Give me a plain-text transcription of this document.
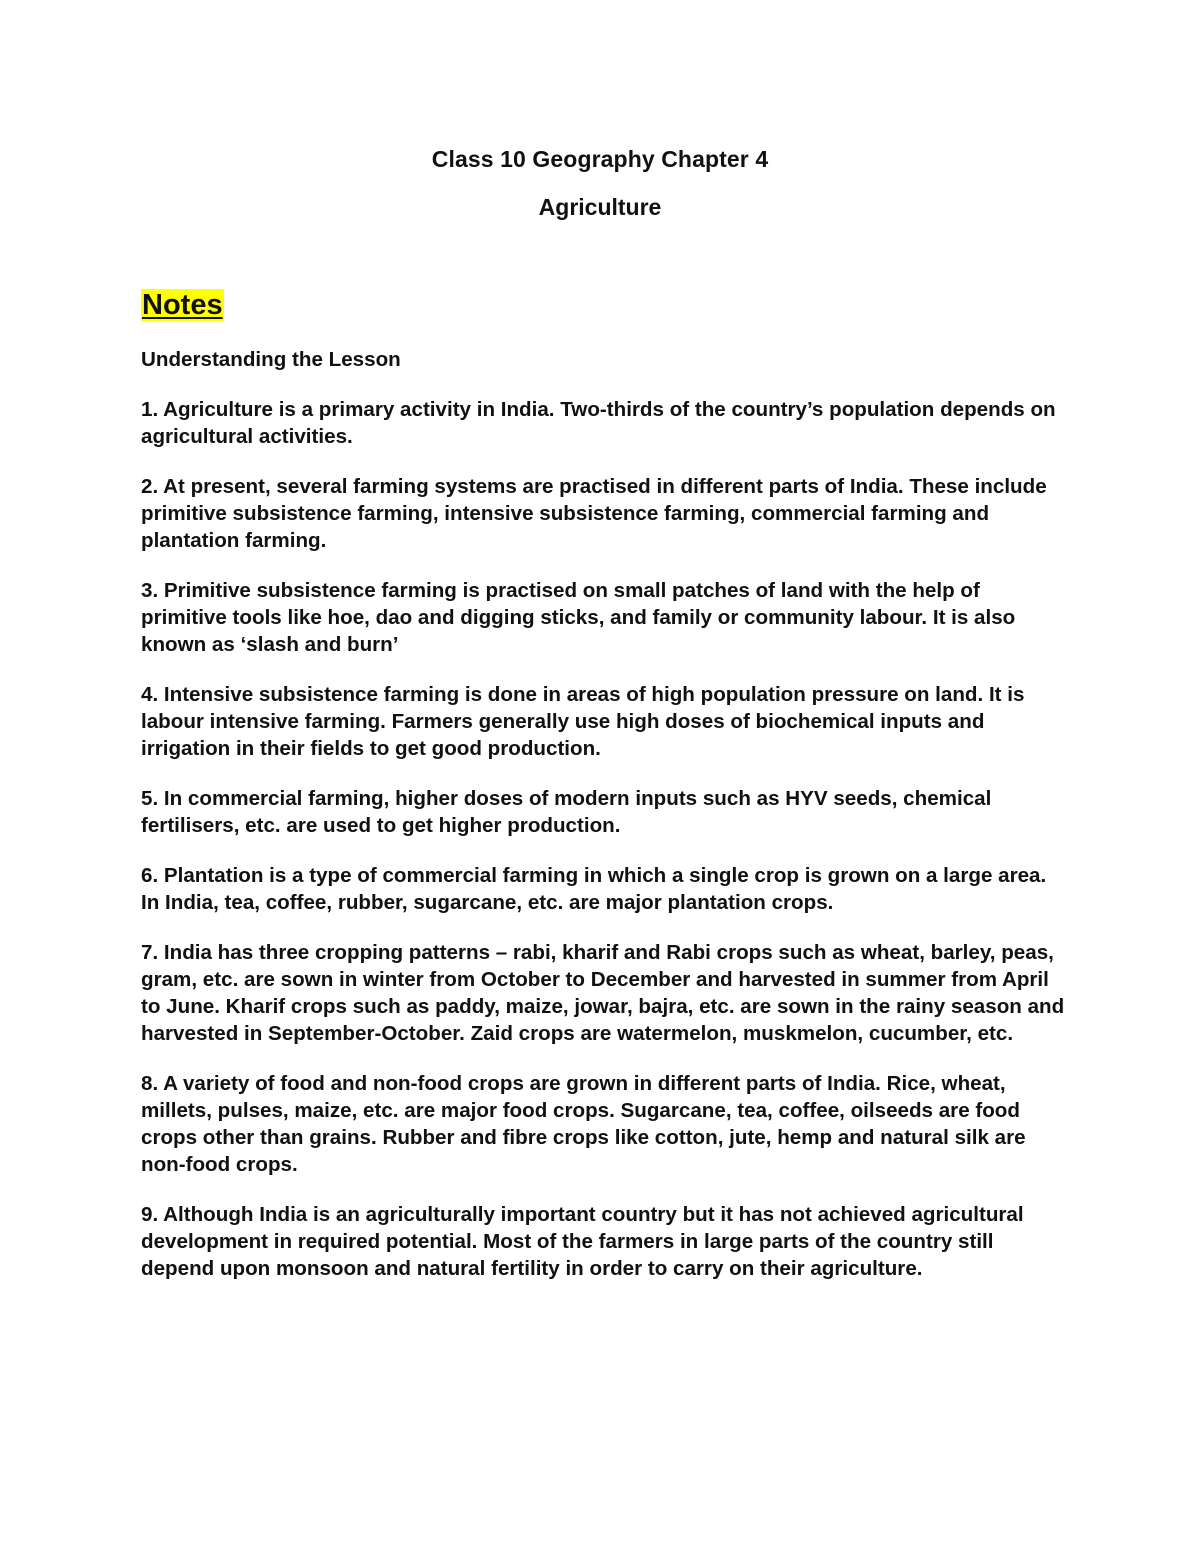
Class 10 Geography Chapter 4
Agriculture
Notes

Understanding the Lesson

1. Agriculture is a primary activity in India. Two-thirds of the country’s population depends on agricultural activities.

2. At present, several farming systems are practised in different parts of India. These include primitive subsistence farming, intensive subsistence farming, commercial farming and plantation farming.

3. Primitive subsistence farming is practised on small patches of land with the help of primitive tools like hoe, dao and digging sticks, and family or community labour. It is also known as ‘slash and burn’

4. Intensive subsistence farming is done in areas of high population pressure on land. It is labour intensive farming. Farmers generally use high doses of biochemical inputs and irrigation in their fields to get good production.

5. In commercial farming, higher doses of modern inputs such as HYV seeds, chemical fertilisers, etc. are used to get higher production.

6. Plantation is a type of commercial farming in which a single crop is grown on a large area. In India, tea, coffee, rubber, sugarcane, etc. are major plantation crops.

7. India has three cropping patterns – rabi, kharif and Rabi crops such as wheat, barley, peas, gram, etc. are sown in winter from October to December and harvested in summer from April to June. Kharif crops such as paddy, maize, jowar, bajra, etc. are sown in the rainy season and harvested in September-October. Zaid crops are watermelon, muskmelon, cucumber, etc.

8. A variety of food and non-food crops are grown in different parts of India. Rice, wheat, millets, pulses, maize, etc. are major food crops. Sugarcane, tea, coffee, oilseeds are food crops other than grains. Rubber and fibre crops like cotton, jute, hemp and natural silk are non-food crops.

9. Although India is an agriculturally important country but it has not achieved agricultural development in required potential. Most of the farmers in large parts of the country still depend upon monsoon and natural fertility in order to carry on their agriculture.
